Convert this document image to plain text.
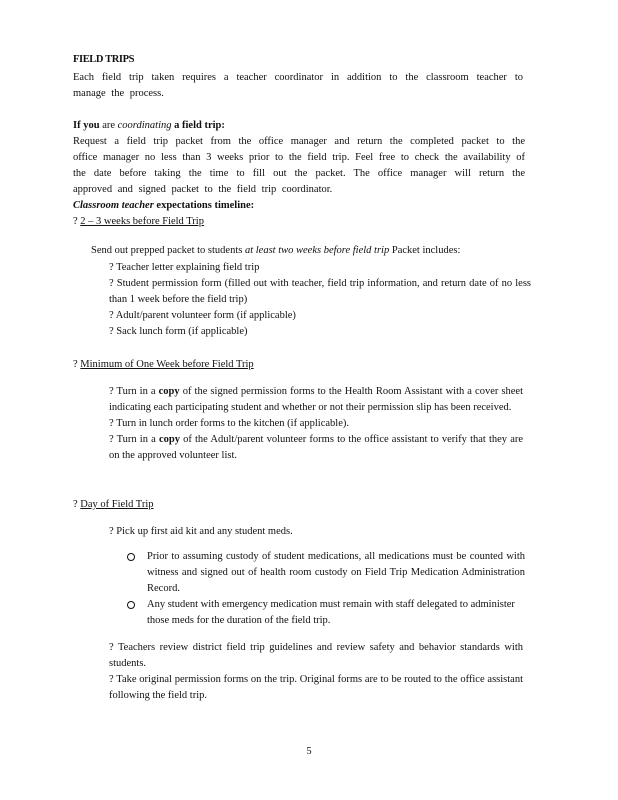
FIELD TRIPS

Each field trip taken requires a teacher coordinator in addition to the classroom teacher to manage the process.

If you are coordinating a field trip:

Request a field trip packet from the office manager and return the completed packet to the office manager no less than 3 weeks prior to the field trip. Feel free to check the availability of the date before taking the time to fill out the packet. The office manager will return the approved and signed packet to the field trip coordinator.

Classroom teacher expectations timeline:

? 2 – 3 weeks before Field Trip

Send out prepped packet to students at least two weeks before field trip Packet includes:

? Teacher letter explaining field trip

? Student permission form (filled out with teacher, field trip information, and return date of no less than 1 week before the field trip)

? Adult/parent volunteer form (if applicable)

? Sack lunch form (if applicable)

? Minimum of One Week before Field Trip

? Turn in a copy of the signed permission forms to the Health Room Assistant with a cover sheet indicating each participating student and whether or not their permission slip has been received.

? Turn in lunch order forms to the kitchen (if applicable).

? Turn in a copy of the Adult/parent volunteer forms to the office assistant to verify that they are on the approved volunteer list.

? Day of Field Trip

? Pick up first aid kit and any student meds.

Prior to assuming custody of student medications, all medications must be counted with witness and signed out of health room custody on Field Trip Medication Administration Record.
Any student with emergency medication must remain with staff delegated to administer those meds for the duration of the field trip.

? Teachers review district field trip guidelines and review safety and behavior standards with students.

? Take original permission forms on the trip. Original forms are to be routed to the office assistant following the field trip.

5
